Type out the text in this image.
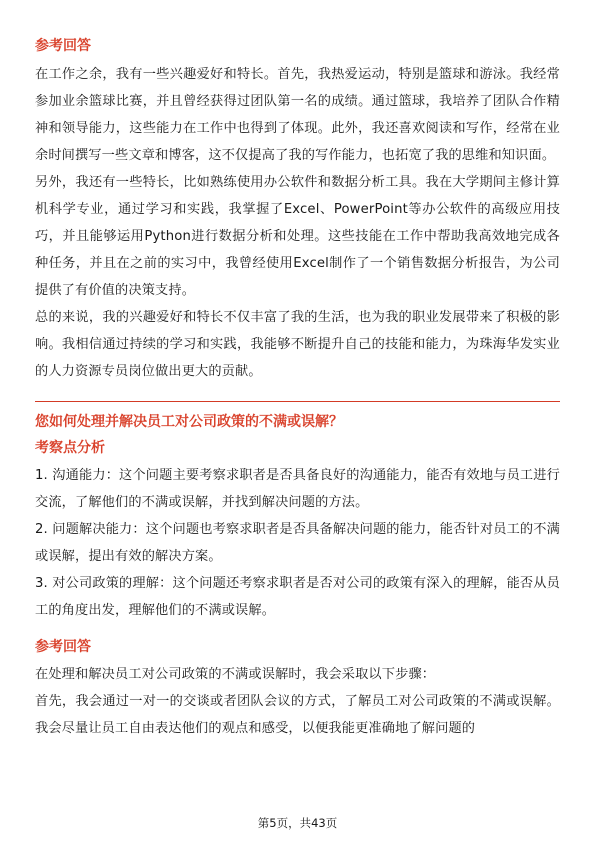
参考回答

在工作之余，我有一些兴趣爱好和特长。首先，我热爱运动，特别是篮球和游泳。我经常参加业余篮球比赛，并且曾经获得过团队第一名的成绩。通过篮球，我培养了团队合作精神和领导能力，这些能力在工作中也得到了体现。此外，我还喜欢阅读和写作，经常在业余时间撰写一些文章和博客，这不仅提高了我的写作能力，也拓宽了我的思维和知识面。

另外，我还有一些特长，比如熟练使用办公软件和数据分析工具。我在大学期间主修计算机科学专业，通过学习和实践，我掌握了Excel、PowerPoint等办公软件的高级应用技巧，并且能够运用Python进行数据分析和处理。这些技能在工作中帮助我高效地完成各种任务，并且在之前的实习中，我曾经使用Excel制作了一个销售数据分析报告，为公司提供了有价值的决策支持。

总的来说，我的兴趣爱好和特长不仅丰富了我的生活，也为我的职业发展带来了积极的影响。我相信通过持续的学习和实践，我能够不断提升自己的技能和能力，为珠海华发实业的人力资源专员岗位做出更大的贡献。

您如何处理并解决员工对公司政策的不满或误解？
考察点分析

1. 沟通能力：这个问题主要考察求职者是否具备良好的沟通能力，能否有效地与员工进行交流，了解他们的不满或误解，并找到解决问题的方法。

2. 问题解决能力：这个问题也考察求职者是否具备解决问题的能力，能否针对员工的不满或误解，提出有效的解决方案。

3. 对公司政策的理解：这个问题还考察求职者是否对公司的政策有深入的理解，能否从员工的角度出发，理解他们的不满或误解。

参考回答

在处理和解决员工对公司政策的不满或误解时，我会采取以下步骤：

首先，我会通过一对一的交谈或者团队会议的方式，了解员工对公司政策的不满或误解。我会尽量让员工自由表达他们的观点和感受，以便我能更准确地了解问题的

第5页，共43页
